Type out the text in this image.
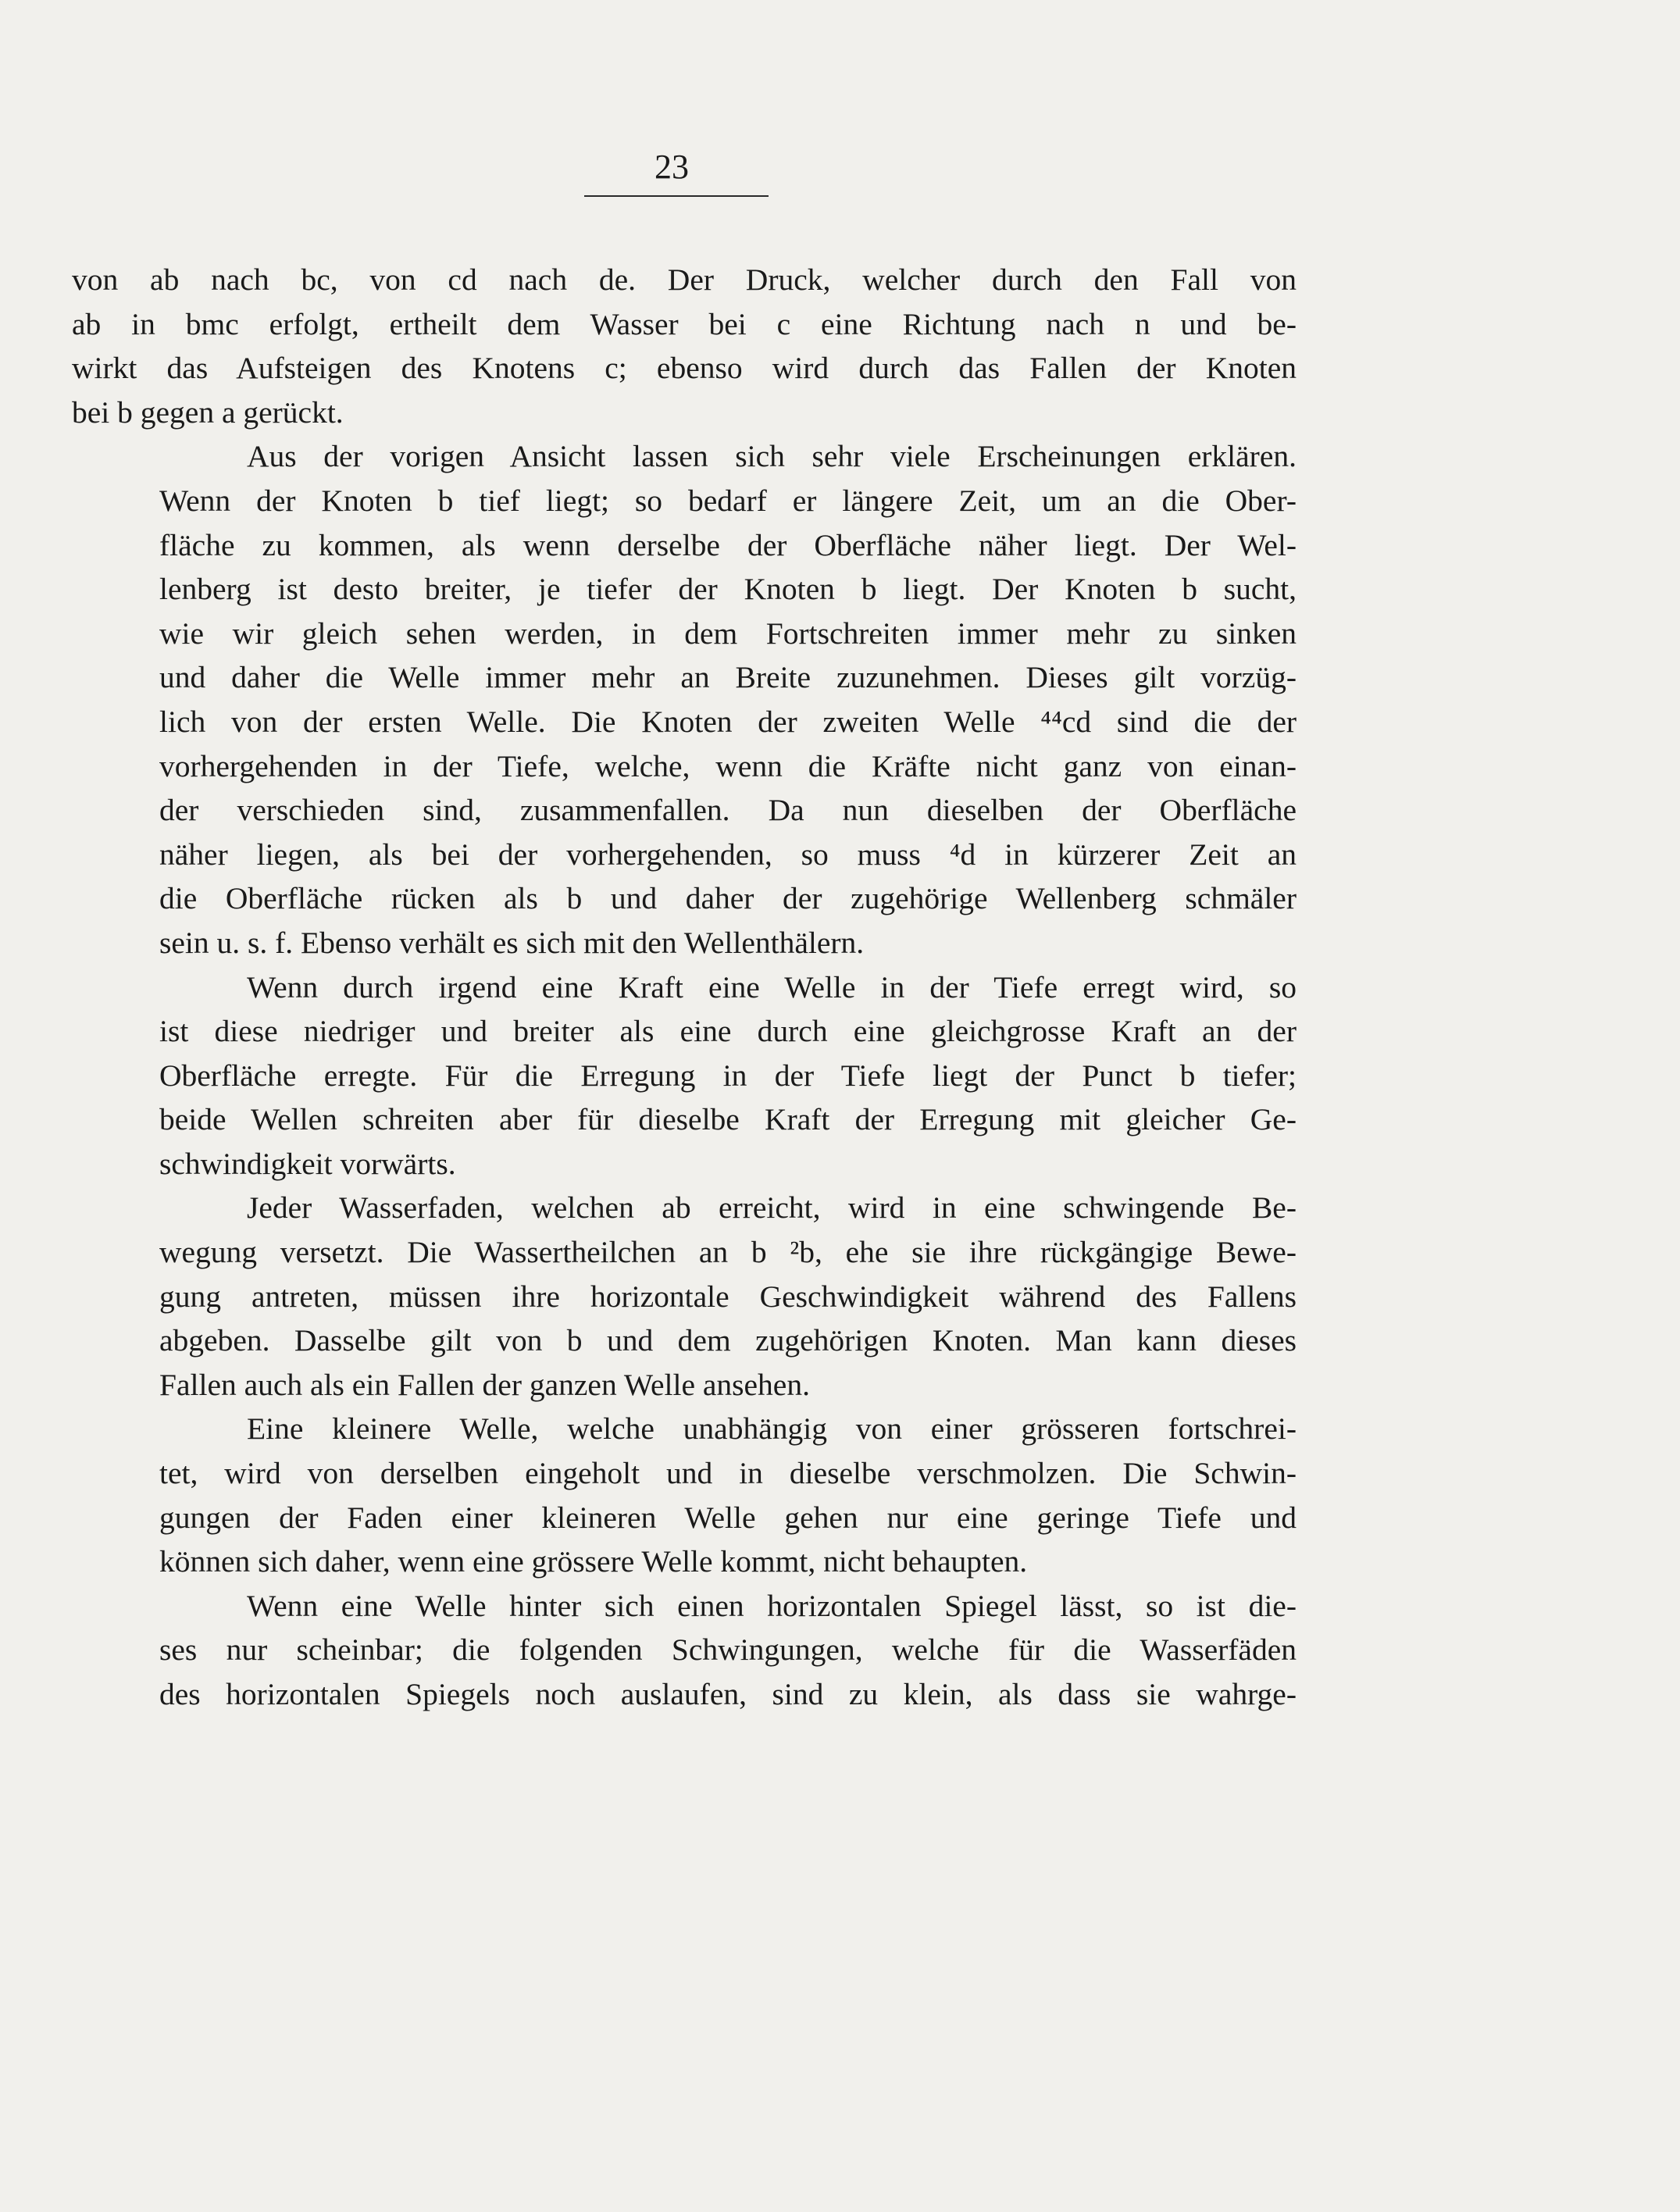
23

von ab nach bc, von cd nach de. Der Druck, welcher durch den Fall von
ab in bmc erfolgt, ertheilt dem Wasser bei c eine Richtung nach n und be-
wirkt das Aufsteigen des Knotens c; ebenso wird durch das Fallen der Knoten
bei b gegen a gerückt.

Aus der vorigen Ansicht lassen sich sehr viele Erscheinungen erklären.
Wenn der Knoten b tief liegt; so bedarf er längere Zeit, um an die Ober-
fläche zu kommen, als wenn derselbe der Oberfläche näher liegt. Der Wel-
lenberg ist desto breiter, je tiefer der Knoten b liegt. Der Knoten b sucht,
wie wir gleich sehen werden, in dem Fortschreiten immer mehr zu sinken
und daher die Welle immer mehr an Breite zuzunehmen. Dieses gilt vorzüg-
lich von der ersten Welle. Die Knoten der zweiten Welle ⁴⁴cd sind die der
vorhergehenden in der Tiefe, welche, wenn die Kräfte nicht ganz von einan-
der verschieden sind, zusammenfallen. Da nun dieselben der Oberfläche
näher liegen, als bei der vorhergehenden, so muss ⁴d in kürzerer Zeit an
die Oberfläche rücken als b und daher der zugehörige Wellenberg schmäler
sein u. s. f. Ebenso verhält es sich mit den Wellenthälern.

Wenn durch irgend eine Kraft eine Welle in der Tiefe erregt wird, so
ist diese niedriger und breiter als eine durch eine gleichgrosse Kraft an der
Oberfläche erregte. Für die Erregung in der Tiefe liegt der Punct b tiefer;
beide Wellen schreiten aber für dieselbe Kraft der Erregung mit gleicher Ge-
schwindigkeit vorwärts.

Jeder Wasserfaden, welchen ab erreicht, wird in eine schwingende Be-
wegung versetzt. Die Wassertheilchen an b ²b, ehe sie ihre rückgängige Bewe-
gung antreten, müssen ihre horizontale Geschwindigkeit während des Fallens
abgeben. Dasselbe gilt von b und dem zugehörigen Knoten. Man kann dieses
Fallen auch als ein Fallen der ganzen Welle ansehen.

Eine kleinere Welle, welche unabhängig von einer grösseren fortschrei-
tet, wird von derselben eingeholt und in dieselbe verschmolzen. Die Schwin-
gungen der Faden einer kleineren Welle gehen nur eine geringe Tiefe und
können sich daher, wenn eine grössere Welle kommt, nicht behaupten.

Wenn eine Welle hinter sich einen horizontalen Spiegel lässt, so ist die-
ses nur scheinbar; die folgenden Schwingungen, welche für die Wasserfäden
des horizontalen Spiegels noch auslaufen, sind zu klein, als dass sie wahrge-
